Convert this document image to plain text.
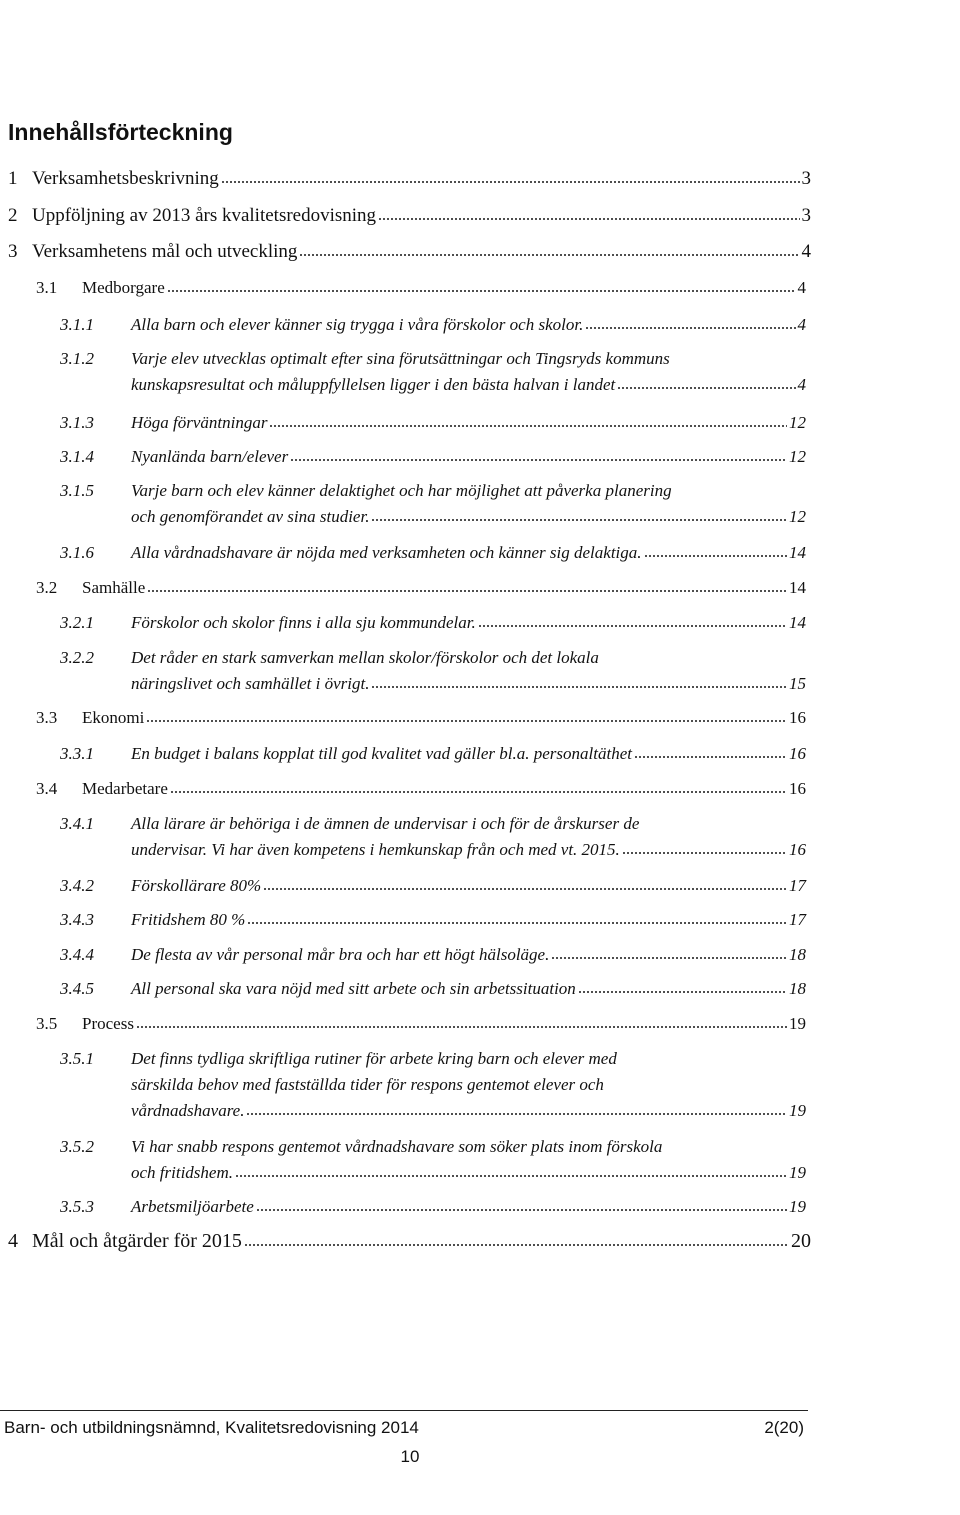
Innehållsförteckning
1 Verksamhetsbeskrivning	3
2 Uppföljning av 2013 års kvalitetsredovisning	3
3 Verksamhetens mål och utveckling	4
3.1 Medborgare	4
3.1.1 Alla barn och elever känner sig trygga i våra förskolor och skolor.	4
3.1.2 Varje elev utvecklas optimalt efter sina förutsättningar och Tingsryds kommuns
kunskapsresultat och måluppfyllelsen ligger i den bästa halvan i landet	4
3.1.3 Höga förväntningar	12
3.1.4 Nyanlända barn/elever	12
3.1.5 Varje barn och elev känner delaktighet och har möjlighet att påverka planering
och genomförandet av sina studier.	12
3.1.6 Alla vårdnadshavare är nöjda med verksamheten och känner sig delaktiga.	14
3.2 Samhälle	14
3.2.1 Förskolor och skolor finns i alla sju kommundelar.	14
3.2.2 Det råder en stark samverkan mellan skolor/förskolor och det lokala
näringslivet och samhället i övrigt.	15
3.3 Ekonomi	16
3.3.1 En budget i balans kopplat till god kvalitet vad gäller bl.a. personaltäthet	16
3.4 Medarbetare	16
3.4.1 Alla lärare är behöriga i de ämnen de undervisar i och för de årskurser de
undervisar. Vi har även kompetens i hemkunskap från och med vt. 2015.	16
3.4.2 Förskollärare 80%	17
3.4.3 Fritidshem 80 %	17
3.4.4 De flesta av vår personal mår bra och har ett högt hälsoläge.	18
3.4.5 All personal ska vara nöjd med sitt arbete och sin arbetssituation	18
3.5 Process	19
3.5.1 Det finns tydliga skriftliga rutiner för arbete kring barn och elever med
särskilda behov med fastställda tider för respons gentemot elever och
vårdnadshavare.	19
3.5.2 Vi har snabb respons gentemot vårdnadshavare som söker plats inom förskola
och fritidshem.	19
3.5.3 Arbetsmiljöarbete	19
4 Mål och åtgärder för 2015	20
Barn- och utbildningsnämnd, Kvalitetsredovisning 2014	2(20)
10
